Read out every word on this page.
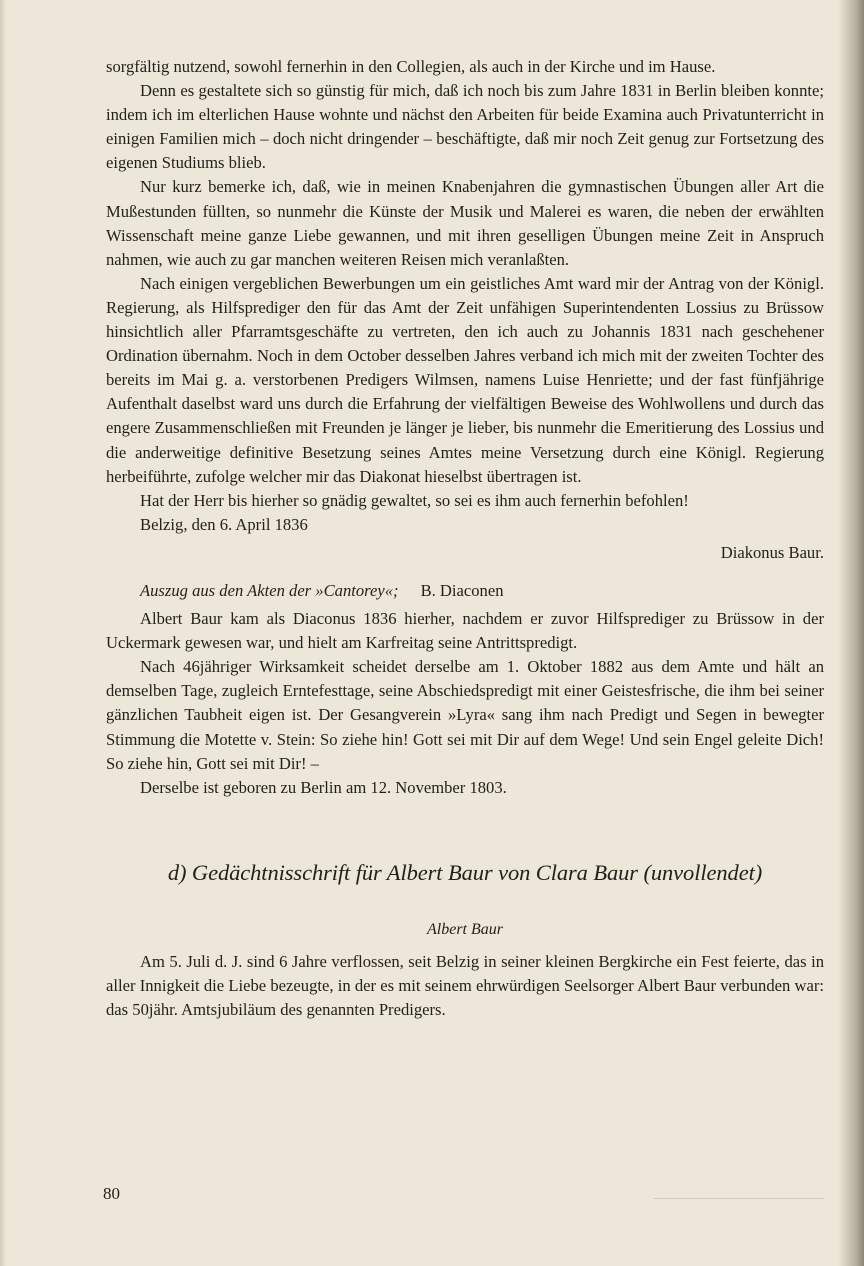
sorgfältig nutzend, sowohl fernerhin in den Collegien, als auch in der Kirche und im Hause.

Denn es gestaltete sich so günstig für mich, daß ich noch bis zum Jahre 1831 in Berlin bleiben konnte; indem ich im elterlichen Hause wohnte und nächst den Arbeiten für beide Examina auch Privatunterricht in einigen Familien mich – doch nicht dringender – beschäftigte, daß mir noch Zeit genug zur Fortsetzung des eigenen Studiums blieb.

Nur kurz bemerke ich, daß, wie in meinen Knabenjahren die gymnastischen Übungen aller Art die Mußestunden füllten, so nunmehr die Künste der Musik und Malerei es waren, die neben der erwählten Wissenschaft meine ganze Liebe gewannen, und mit ihren geselligen Übungen meine Zeit in Anspruch nahmen, wie auch zu gar manchen weiteren Reisen mich veranlaßten.

Nach einigen vergeblichen Bewerbungen um ein geistliches Amt ward mir der Antrag von der Königl. Regierung, als Hilfsprediger den für das Amt der Zeit unfähigen Superintendenten Lossius zu Brüssow hinsichtlich aller Pfarramtsgeschäfte zu vertreten, den ich auch zu Johannis 1831 nach geschehener Ordination übernahm. Noch in dem October desselben Jahres verband ich mich mit der zweiten Tochter des bereits im Mai g. a. verstorbenen Predigers Wilmsen, namens Luise Henriette; und der fast fünfjährige Aufenthalt daselbst ward uns durch die Erfahrung der vielfältigen Beweise des Wohlwollens und durch das engere Zusammenschließen mit Freunden je länger je lieber, bis nunmehr die Emeritierung des Lossius und die anderweitige definitive Besetzung seines Amtes meine Versetzung durch eine Königl. Regierung herbeiführte, zufolge welcher mir das Diakonat hieselbst übertragen ist.

Hat der Herr bis hierher so gnädig gewaltet, so sei es ihm auch fernerhin befohlen!

Belzig, den 6. April 1836

Diakonus Baur.

Auszug aus den Akten der »Cantorey«; B. Diaconen

Albert Baur kam als Diaconus 1836 hierher, nachdem er zuvor Hilfsprediger zu Brüssow in der Uckermark gewesen war, und hielt am Karfreitag seine Antrittspredigt.

Nach 46jähriger Wirksamkeit scheidet derselbe am 1. Oktober 1882 aus dem Amte und hält an demselben Tage, zugleich Erntefesttage, seine Abschiedspredigt mit einer Geistesfrische, die ihm bei seiner gänzlichen Taubheit eigen ist. Der Gesangverein »Lyra« sang ihm nach Predigt und Segen in bewegter Stimmung die Motette v. Stein: So ziehe hin! Gott sei mit Dir auf dem Wege! Und sein Engel geleite Dich! So ziehe hin, Gott sei mit Dir! –

Derselbe ist geboren zu Berlin am 12. November 1803.

d) Gedächtnisschrift für Albert Baur von Clara Baur (unvollendet)

Albert Baur

Am 5. Juli d. J. sind 6 Jahre verflossen, seit Belzig in seiner kleinen Bergkirche ein Fest feierte, das in aller Innigkeit die Liebe bezeugte, in der es mit seinem ehrwürdigen Seelsorger Albert Baur verbunden war: das 50jähr. Amtsjubiläum des genannten Predigers.

80
